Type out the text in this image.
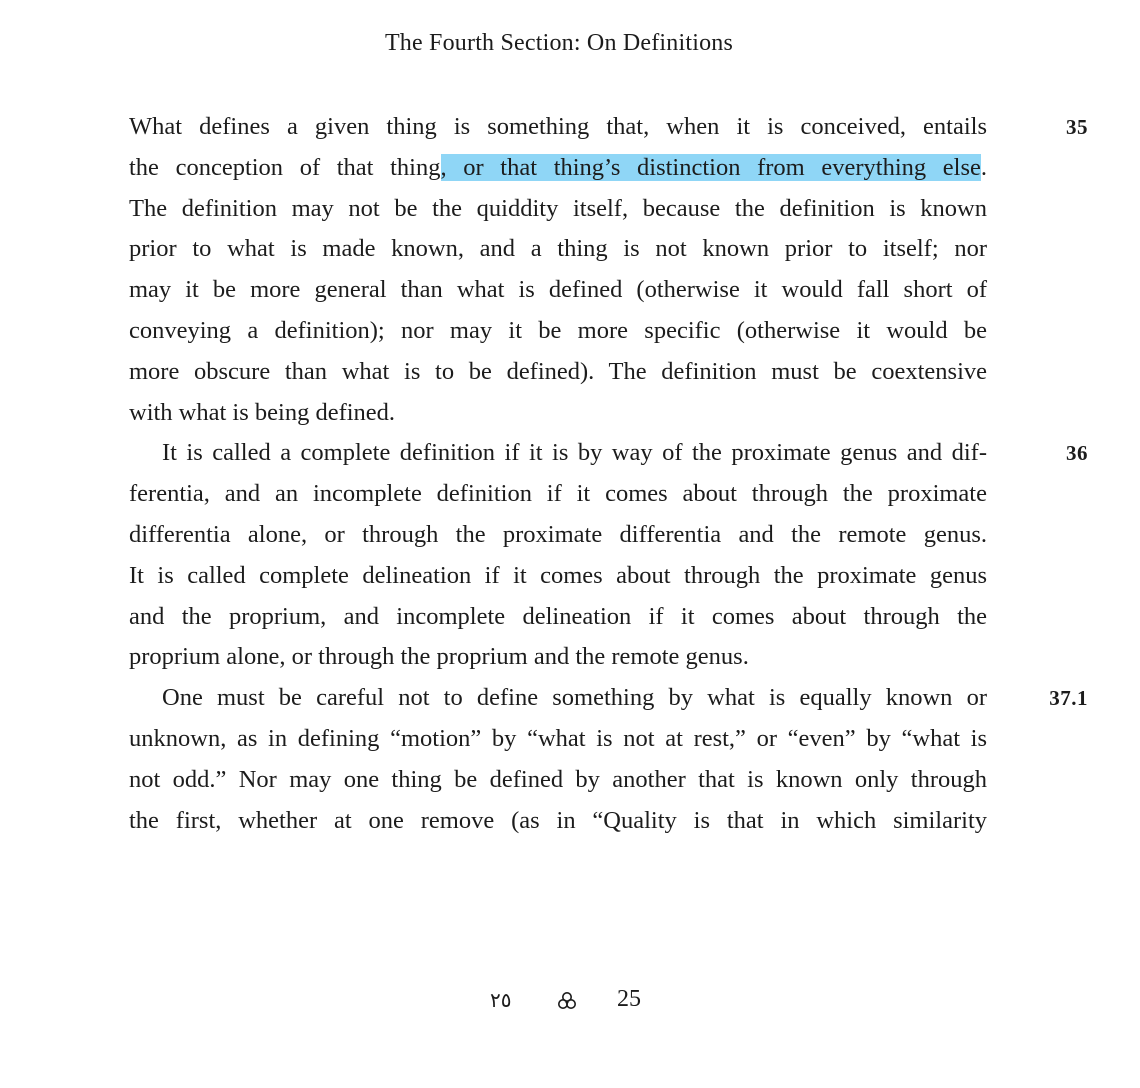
The Fourth Section: On Definitions
What defines a given thing is something that, when it is conceived, entails
the conception of that thing, or that thing’s distinction from everything else.
The definition may not be the quiddity itself, because the definition is known
prior to what is made known, and a thing is not known prior to itself; nor
may it be more general than what is defined (otherwise it would fall short of
conveying a definition); nor may it be more specific (otherwise it would be
more obscure than what is to be defined). The definition must be coextensive
with what is being defined.
It is called a complete definition if it is by way of the proximate genus and dif-
ferentia, and an incomplete definition if it comes about through the proximate
differentia alone, or through the proximate differentia and the remote genus.
It is called complete delineation if it comes about through the proximate genus
and the proprium, and incomplete delineation if it comes about through the
proprium alone, or through the proprium and the remote genus.
One must be careful not to define something by what is equally known or
unknown, as in defining “motion” by “what is not at rest,” or “even” by “what is
not odd.” Nor may one thing be defined by another that is known only through
the first, whether at one remove (as in “Quality is that in which similarity
35
36
37.1
٢٥	25
